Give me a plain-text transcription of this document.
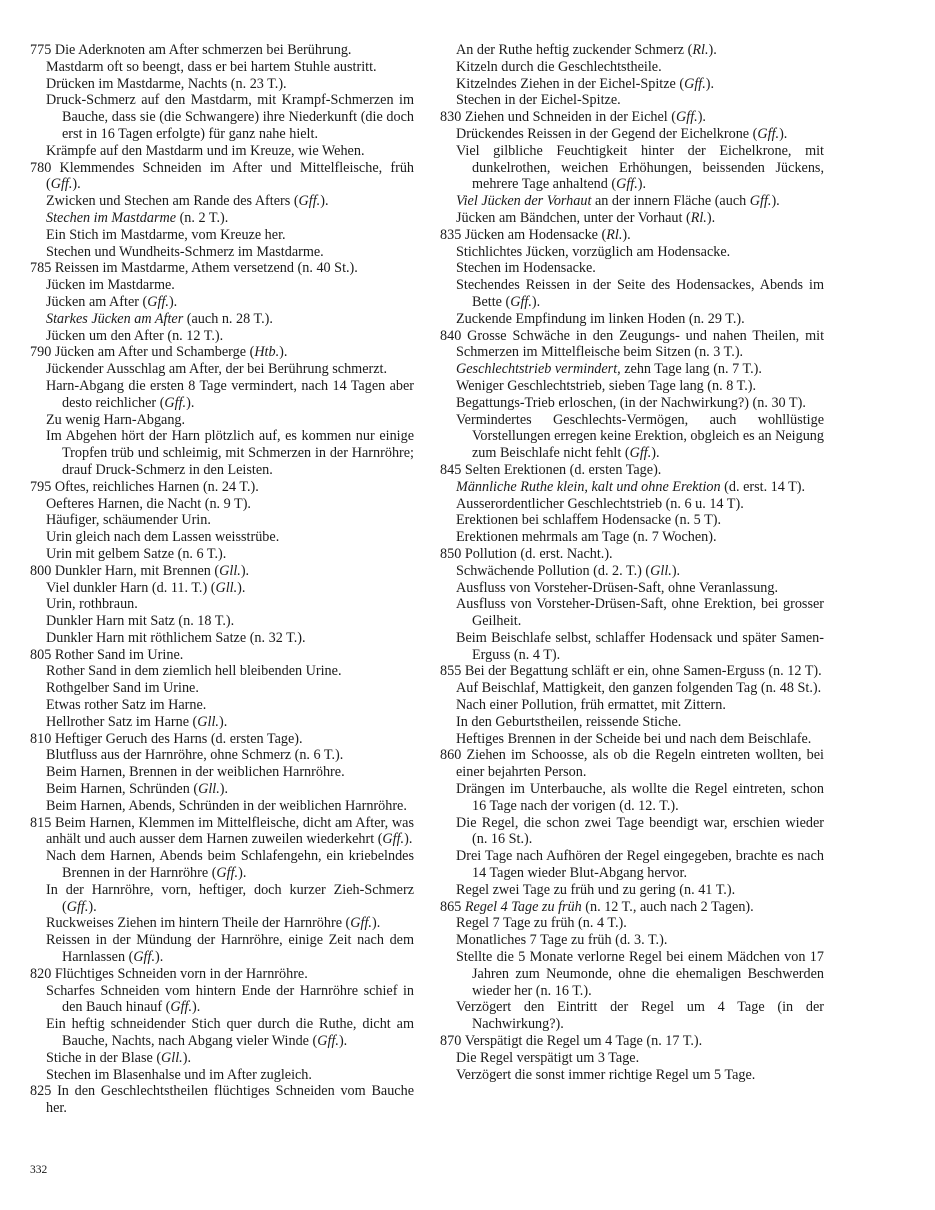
775 Die Aderknoten am After schmerzen bei Berührung.

Mastdarm oft so beengt, dass er bei hartem Stuhle austritt.

Drücken im Mastdarme, Nachts (n. 23 T.).

Druck-Schmerz auf den Mastdarm, mit Krampf-Schmerzen im Bauche, dass sie (die Schwangere) ihre Niederkunft (die doch erst in 16 Tagen erfolgte) für ganz nahe hielt.

Krämpfe auf den Mastdarm und im Kreuze, wie Wehen.

780 Klemmendes Schneiden im After und Mittelfleische, früh (Gff.).

Zwicken und Stechen am Rande des Afters (Gff.).

Stechen im Mastdarme (n. 2 T.).

Ein Stich im Mastdarme, vom Kreuze her.

Stechen und Wundheits-Schmerz im Mastdarme.

785 Reissen im Mastdarme, Athem versetzend (n. 40 St.).

Jücken im Mastdarme.

Jücken am After (Gff.).

Starkes Jücken am After (auch n. 28 T.).

Jücken um den After (n. 12 T.).

790 Jücken am After und Schamberge (Htb.).

Jückender Ausschlag am After, der bei Berührung schmerzt.

Harn-Abgang die ersten 8 Tage vermindert, nach 14 Tagen aber desto reichlicher (Gff.).

Zu wenig Harn-Abgang.

Im Abgehen hört der Harn plötzlich auf, es kommen nur einige Tropfen trüb und schleimig, mit Schmerzen in der Harnröhre; drauf Druck-Schmerz in den Leisten.

795 Oftes, reichliches Harnen (n. 24 T.).

Oefteres Harnen, die Nacht (n. 9 T).

Häufiger, schäumender Urin.

Urin gleich nach dem Lassen weisstrübe.

Urin mit gelbem Satze (n. 6 T.).

800 Dunkler Harn, mit Brennen (Gll.).

Viel dunkler Harn (d. 11. T.) (Gll.).

Urin, rothbraun.

Dunkler Harn mit Satz (n. 18 T.).

Dunkler Harn mit röthlichem Satze (n. 32 T.).

805 Rother Sand im Urine.

Rother Sand in dem ziemlich hell bleibenden Urine.

Rothgelber Sand im Urine.

Etwas rother Satz im Harne.

Hellrother Satz im Harne (Gll.).

810 Heftiger Geruch des Harns (d. ersten Tage).

Blutfluss aus der Harnröhre, ohne Schmerz (n. 6 T.).

Beim Harnen, Brennen in der weiblichen Harnröhre.

Beim Harnen, Schründen (Gll.).

Beim Harnen, Abends, Schründen in der weiblichen Harnröhre.

815 Beim Harnen, Klemmen im Mittelfleische, dicht am After, was anhält und auch ausser dem Harnen zuweilen wiederkehrt (Gff.).

Nach dem Harnen, Abends beim Schlafengehn, ein kriebelndes Brennen in der Harnröhre (Gff.).

In der Harnröhre, vorn, heftiger, doch kurzer Zieh-Schmerz (Gff.).

Ruckweises Ziehen im hintern Theile der Harnröhre (Gff.).

Reissen in der Mündung der Harnröhre, einige Zeit nach dem Harnlassen (Gff.).

820 Flüchtiges Schneiden vorn in der Harnröhre.

Scharfes Schneiden vom hintern Ende der Harnröhre schief in den Bauch hinauf (Gff.).

Ein heftig schneidender Stich quer durch die Ruthe, dicht am Bauche, Nachts, nach Abgang vieler Winde (Gff.).

Stiche in der Blase (Gll.).

Stechen im Blasenhalse und im After zugleich.

825 In den Geschlechtstheilen flüchtiges Schneiden vom Bauche her.

An der Ruthe heftig zuckender Schmerz (Rl.).

Kitzeln durch die Geschlechtstheile.

Kitzelndes Ziehen in der Eichel-Spitze (Gff.).

Stechen in der Eichel-Spitze.

830 Ziehen und Schneiden in der Eichel (Gff.).

Drückendes Reissen in der Gegend der Eichelkrone (Gff.).

Viel gilbliche Feuchtigkeit hinter der Eichelkrone, mit dunkelrothen, weichen Erhöhungen, beissenden Jückens, mehrere Tage anhaltend (Gff.).

Viel Jücken der Vorhaut an der innern Fläche (auch Gff.).

Jücken am Bändchen, unter der Vorhaut (Rl.).

835 Jücken am Hodensacke (Rl.).

Stichlichtes Jücken, vorzüglich am Hodensacke.

Stechen im Hodensacke.

Stechendes Reissen in der Seite des Hodensackes, Abends im Bette (Gff.).

Zuckende Empfindung im linken Hoden (n. 29 T.).

840 Grosse Schwäche in den Zeugungs- und nahen Theilen, mit Schmerzen im Mittelfleische beim Sitzen (n. 3 T.).

Geschlechtstrieb vermindert, zehn Tage lang (n. 7 T.).

Weniger Geschlechtstrieb, sieben Tage lang (n. 8 T.).

Begattungs-Trieb erloschen, (in der Nachwirkung?) (n. 30 T).

Vermindertes Geschlechts-Vermögen, auch wohllüstige Vorstellungen erregen keine Erektion, obgleich es an Neigung zum Beischlafe nicht fehlt (Gff.).

845 Selten Erektionen (d. ersten Tage).

Männliche Ruthe klein, kalt und ohne Erektion (d. erst. 14 T).

Ausserordentlicher Geschlechtstrieb (n. 6 u. 14 T).

Erektionen bei schlaffem Hodensacke (n. 5 T).

Erektionen mehrmals am Tage (n. 7 Wochen).

850 Pollution (d. erst. Nacht.).

Schwächende Pollution (d. 2. T.) (Gll.).

Ausfluss von Vorsteher-Drüsen-Saft, ohne Veranlassung.

Ausfluss von Vorsteher-Drüsen-Saft, ohne Erektion, bei grosser Geilheit.

Beim Beischlafe selbst, schlaffer Hodensack und später Samen-Erguss (n. 4 T).

855 Bei der Begattung schläft er ein, ohne Samen-Erguss (n. 12 T).

Auf Beischlaf, Mattigkeit, den ganzen folgenden Tag (n. 48 St.).

Nach einer Pollution, früh ermattet, mit Zittern.

In den Geburtstheilen, reissende Stiche.

Heftiges Brennen in der Scheide bei und nach dem Beischlafe.

860 Ziehen im Schoosse, als ob die Regeln eintreten wollten, bei einer bejahrten Person.

Drängen im Unterbauche, als wollte die Regel eintreten, schon 16 Tage nach der vorigen (d. 12. T.).

Die Regel, die schon zwei Tage beendigt war, erschien wieder (n. 16 St.).

Drei Tage nach Aufhören der Regel eingegeben, brachte es nach 14 Tagen wieder Blut-Abgang hervor.

Regel zwei Tage zu früh und zu gering (n. 41 T.).

865 Regel 4 Tage zu früh (n. 12 T., auch nach 2 Tagen).

Regel 7 Tage zu früh (n. 4 T.).

Monatliches 7 Tage zu früh (d. 3. T.).

Stellte die 5 Monate verlorne Regel bei einem Mädchen von 17 Jahren zum Neumonde, ohne die ehemaligen Beschwerden wieder her (n. 16 T.).

Verzögert den Eintritt der Regel um 4 Tage (in der Nachwirkung?).

870 Verspätigt die Regel um 4 Tage (n. 17 T.).

Die Regel verspätigt um 3 Tage.

Verzögert die sonst immer richtige Regel um 5 Tage.

332
